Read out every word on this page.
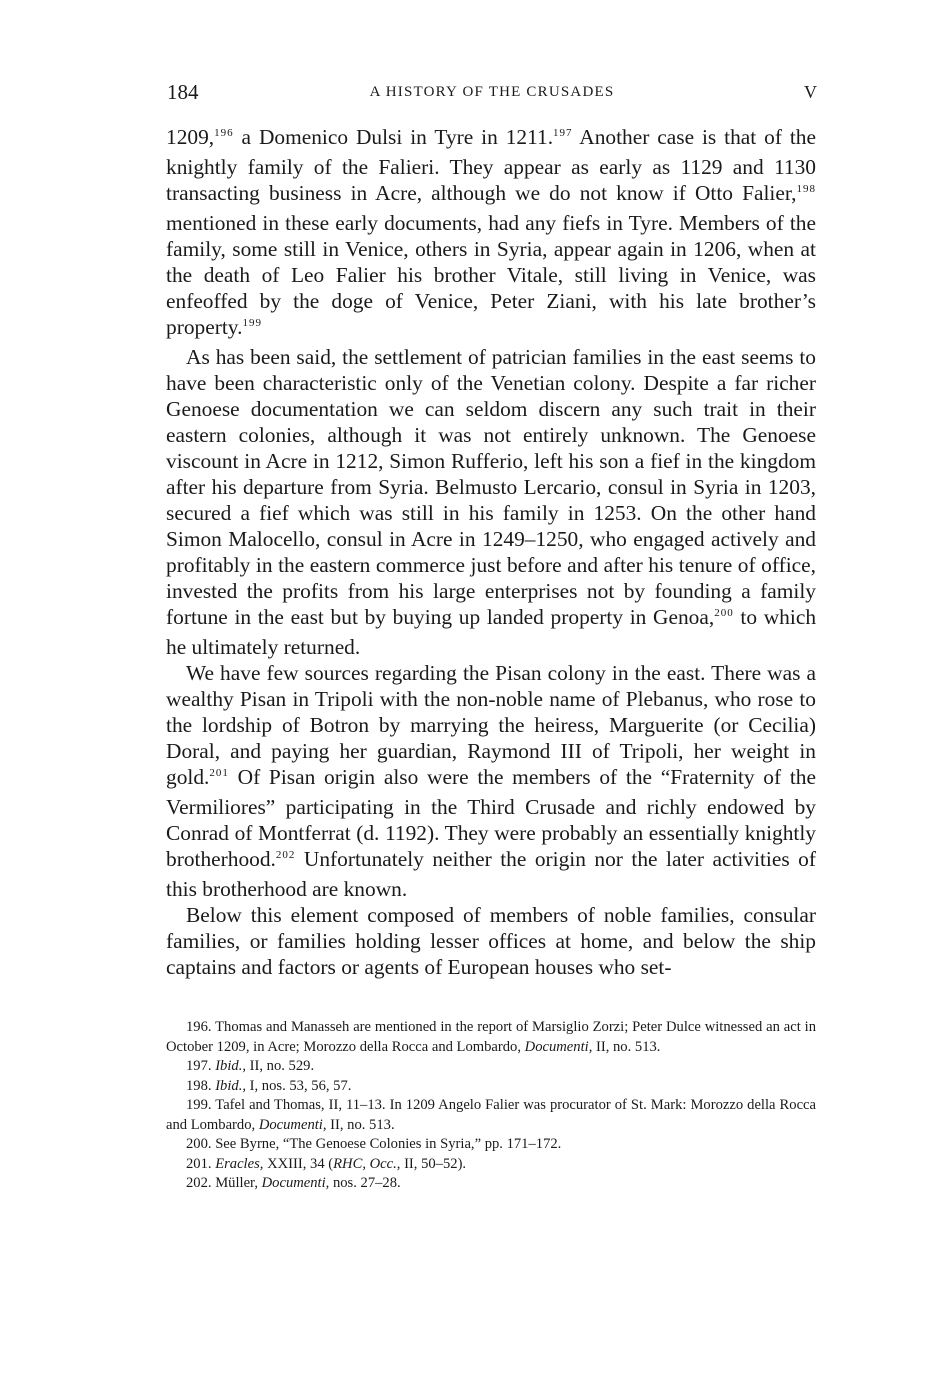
184	A HISTORY OF THE CRUSADES	V

1209,$^{196}$ a Domenico Dulsi in Tyre in 1211.$^{197}$ Another case is that of the knightly family of the Falieri. They appear as early as 1129 and 1130 transacting business in Acre, although we do not know if Otto Falier,$^{198}$ mentioned in these early documents, had any fiefs in Tyre. Members of the family, some still in Venice, others in Syria, appear again in 1206, when at the death of Leo Falier his brother Vitale, still living in Venice, was enfeoffed by the doge of Venice, Peter Ziani, with his late brother’s property.$^{199}$

As has been said, the settlement of patrician families in the east seems to have been characteristic only of the Venetian colony. Despite a far richer Genoese documentation we can seldom discern any such trait in their eastern colonies, although it was not entirely unknown. The Genoese viscount in Acre in 1212, Simon Rufferio, left his son a fief in the kingdom after his departure from Syria. Belmusto Lercario, consul in Syria in 1203, secured a fief which was still in his family in 1253. On the other hand Simon Malocello, consul in Acre in 1249–1250, who engaged actively and profitably in the eastern commerce just before and after his tenure of office, invested the profits from his large enterprises not by founding a family fortune in the east but by buying up landed property in Genoa,$^{200}$ to which he ultimately returned.

We have few sources regarding the Pisan colony in the east. There was a wealthy Pisan in Tripoli with the non-noble name of Plebanus, who rose to the lordship of Botron by marrying the heiress, Marguerite (or Cecilia) Doral, and paying her guardian, Raymond III of Tripoli, her weight in gold.$^{201}$ Of Pisan origin also were the members of the “Fraternity of the Vermiliores” participating in the Third Crusade and richly endowed by Conrad of Montferrat (d. 1192). They were probably an essentially knightly brotherhood.$^{202}$ Unfortunately neither the origin nor the later activities of this brotherhood are known.

Below this element composed of members of noble families, consular families, or families holding lesser offices at home, and below the ship captains and factors or agents of European houses who set-

196. Thomas and Manasseh are mentioned in the report of Marsiglio Zorzi; Peter Dulce witnessed an act in October 1209, in Acre; Morozzo della Rocca and Lombardo, Documenti, II, no. 513.

197. Ibid., II, no. 529.

198. Ibid., I, nos. 53, 56, 57.

199. Tafel and Thomas, II, 11–13. In 1209 Angelo Falier was procurator of St. Mark: Morozzo della Rocca and Lombardo, Documenti, II, no. 513.

200. See Byrne, “The Genoese Colonies in Syria,” pp. 171–172.

201. Eracles, XXIII, 34 (RHC, Occ., II, 50–52).

202. Müller, Documenti, nos. 27–28.
